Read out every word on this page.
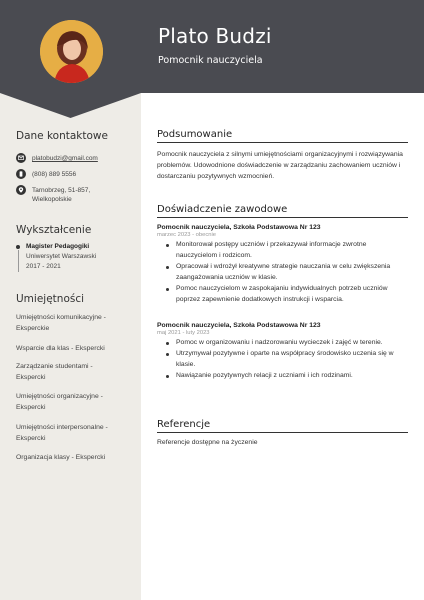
Plato Budzi
Pomocnik nauczyciela
Dane kontaktowe
platobudzi@gmail.com
(808) 889 5556
Tarnobrzeg, 51-857,
Wielkopolskie
Wykształcenie
Magister Pedagogiki
Uniwersytet Warszawski
2017 - 2021
Umiejętności
Umiejętności komunikacyjne -
Eksperckie
Wsparcie dla klas - Ekspercki
Zarządzanie studentami -
Ekspercki
Umiejętności organizacyjne -
Ekspercki
Umiejętności interpersonalne -
Ekspercki
Organizacja klasy - Ekspercki
Podsumowanie
Pomocnik nauczyciela z silnymi umiejętnościami organizacyjnymi i rozwiązywania problemów. Udowodnione doświadczenie w zarządzaniu zachowaniem uczniów i dostarczaniu pozytywnych wzmocnień.
Doświadczenie zawodowe
Pomocnik nauczyciela, Szkoła Podstawowa Nr 123
marzec 2023 - obecnie
Monitorował postępy uczniów i przekazywał informacje zwrotne nauczycielom i rodzicom.
Opracował i wdrożył kreatywne strategie nauczania w celu zwiększenia zaangażowania uczniów w klasie.
Pomoc nauczycielom w zaspokajaniu indywidualnych potrzeb uczniów poprzez zapewnienie dodatkowych instrukcji i wsparcia.
Pomocnik nauczyciela, Szkoła Podstawowa Nr 123
maj 2021 - luty 2023
Pomoc w organizowaniu i nadzorowaniu wycieczek i zajęć w terenie.
Utrzymywał pozytywne i oparte na współpracy środowisko uczenia się w klasie.
Nawiązanie pozytywnych relacji z uczniami i ich rodzinami.
Referencje
Referencje dostępne na życzenie
